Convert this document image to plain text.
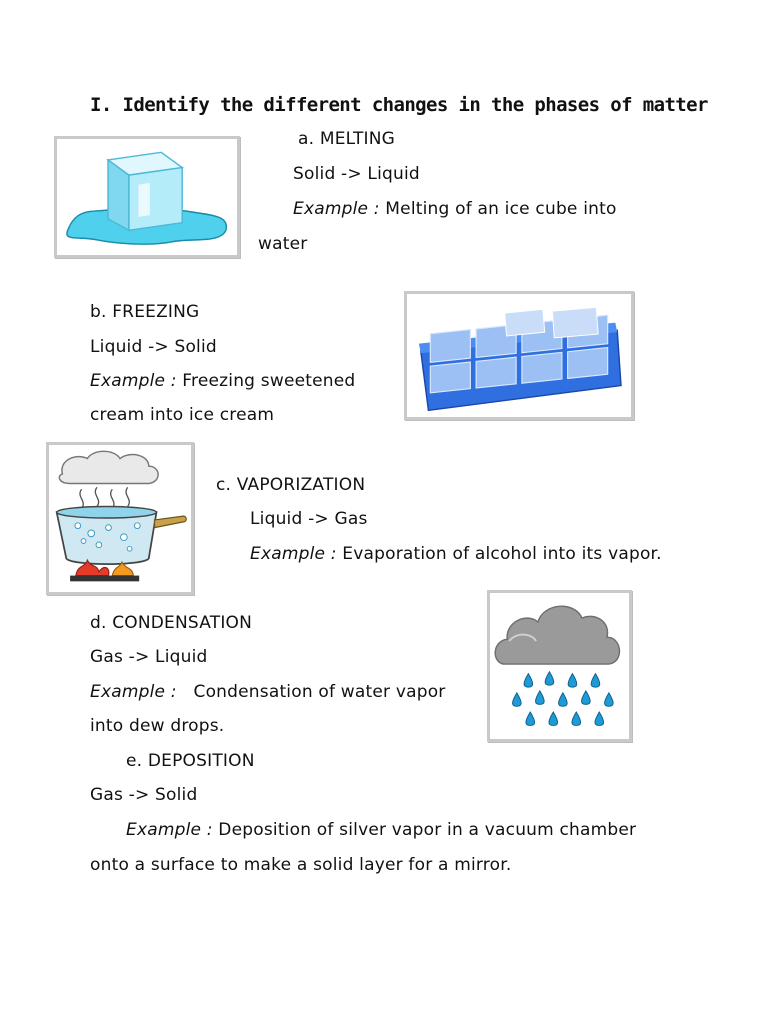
I. Identify the different changes in the phases of matter
a. MELTING
Solid -> Liquid
Example : Melting of an ice cube into
water
b. FREEZING
Liquid -> Solid
Example : Freezing sweetened
cream into ice cream
c. VAPORIZATION
Liquid -> Gas
Example : Evaporation of alcohol into its vapor.
d. CONDENSATION
Gas -> Liquid
Example :   Condensation of water vapor
into dew drops.
e. DEPOSITION
Gas -> Solid
Example : Deposition of silver vapor in a vacuum chamber
onto a surface to make a solid layer for a mirror.
